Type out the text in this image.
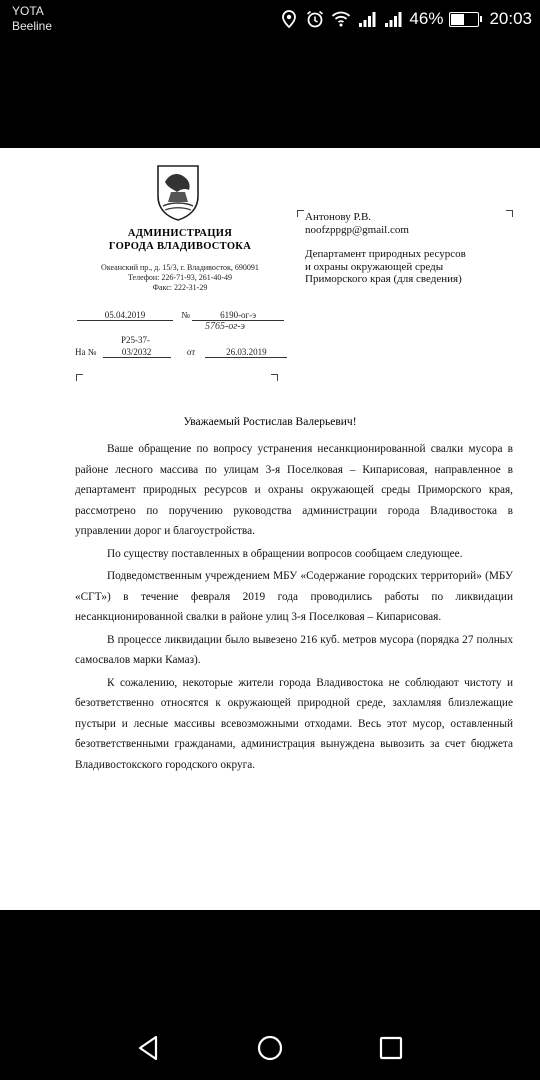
YOTA
Beeline	46%	20:03
АДМИНИСТРАЦИЯ
ГОРОДА ВЛАДИВОСТОКА
Океанский пр., д. 15/3, г. Владивосток, 690091
Телефон: 226-71-93, 261-40-49
Факс: 222-31-29
05.04.2019	№	6190-ог-э
5765-ог-э
Р25-37-
На №	03/2032	от	26.03.2019
Антонову Р.В.
noofzppgp@gmail.com
Департамент природных ресурсов
и охраны окружающей среды
Приморского края (для сведения)
Уважаемый Ростислав Валерьевич!

Ваше обращение по вопросу устранения несанкционированной свалки мусора в районе лесного массива по улицам 3-я Поселковая – Кипарисовая, направленное в департамент природных ресурсов и охраны окружающей среды Приморского края, рассмотрено по поручению руководства администрации города Владивостока в управлении дорог и благоустройства.

По существу поставленных в обращении вопросов сообщаем следующее.

Подведомственным учреждением МБУ «Содержание городских территорий» (МБУ «СГТ») в течение февраля 2019 года проводились работы по ликвидации несанкционированной свалки в районе улиц 3-я Поселковая – Кипарисовая.

В процессе ликвидации было вывезено 216 куб. метров мусора (порядка 27 полных самосвалов марки Камаз).

К сожалению, некоторые жители города Владивостока не соблюдают чистоту и безответственно относятся к окружающей природной среде, захламляя близлежащие пустыри и лесные массивы всевозможными отходами. Весь этот мусор, оставленный безответственными гражданами, администрация вынуждена вывозить за счет бюджета Владивостокского городского округа.
